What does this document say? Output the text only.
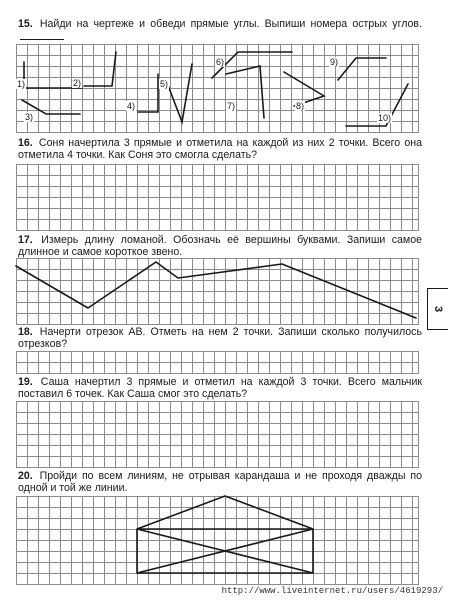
15. Найди на чертеже и обведи прямые углы. Выпиши номера острых углов.
1)	2)
3)
4)
5)
6)
7)	8)
9)
10)
16. Соня начертила 3 прямые и отметила на каждой из них 2 точки. Всего она отметила 4 точки. Как Соня это смогла сделать?
17. Измерь длину ломаной. Обозначь её вершины буквами. Запиши самое длинное и самое короткое звено.
18. Начерти отрезок АВ. Отметь на нем 2 точки. Запиши сколько получилось отрезков?
19. Саша начертил 3 прямые и отметил на каждой 3 точки. Всего мальчик поставил 6 точек. Как Саша смог это сделать?
20. Пройди по всем линиям, не отрывая карандаша и не проходя дважды по одной и той же линии.
3
http://www.liveinternet.ru/users/4619293/
